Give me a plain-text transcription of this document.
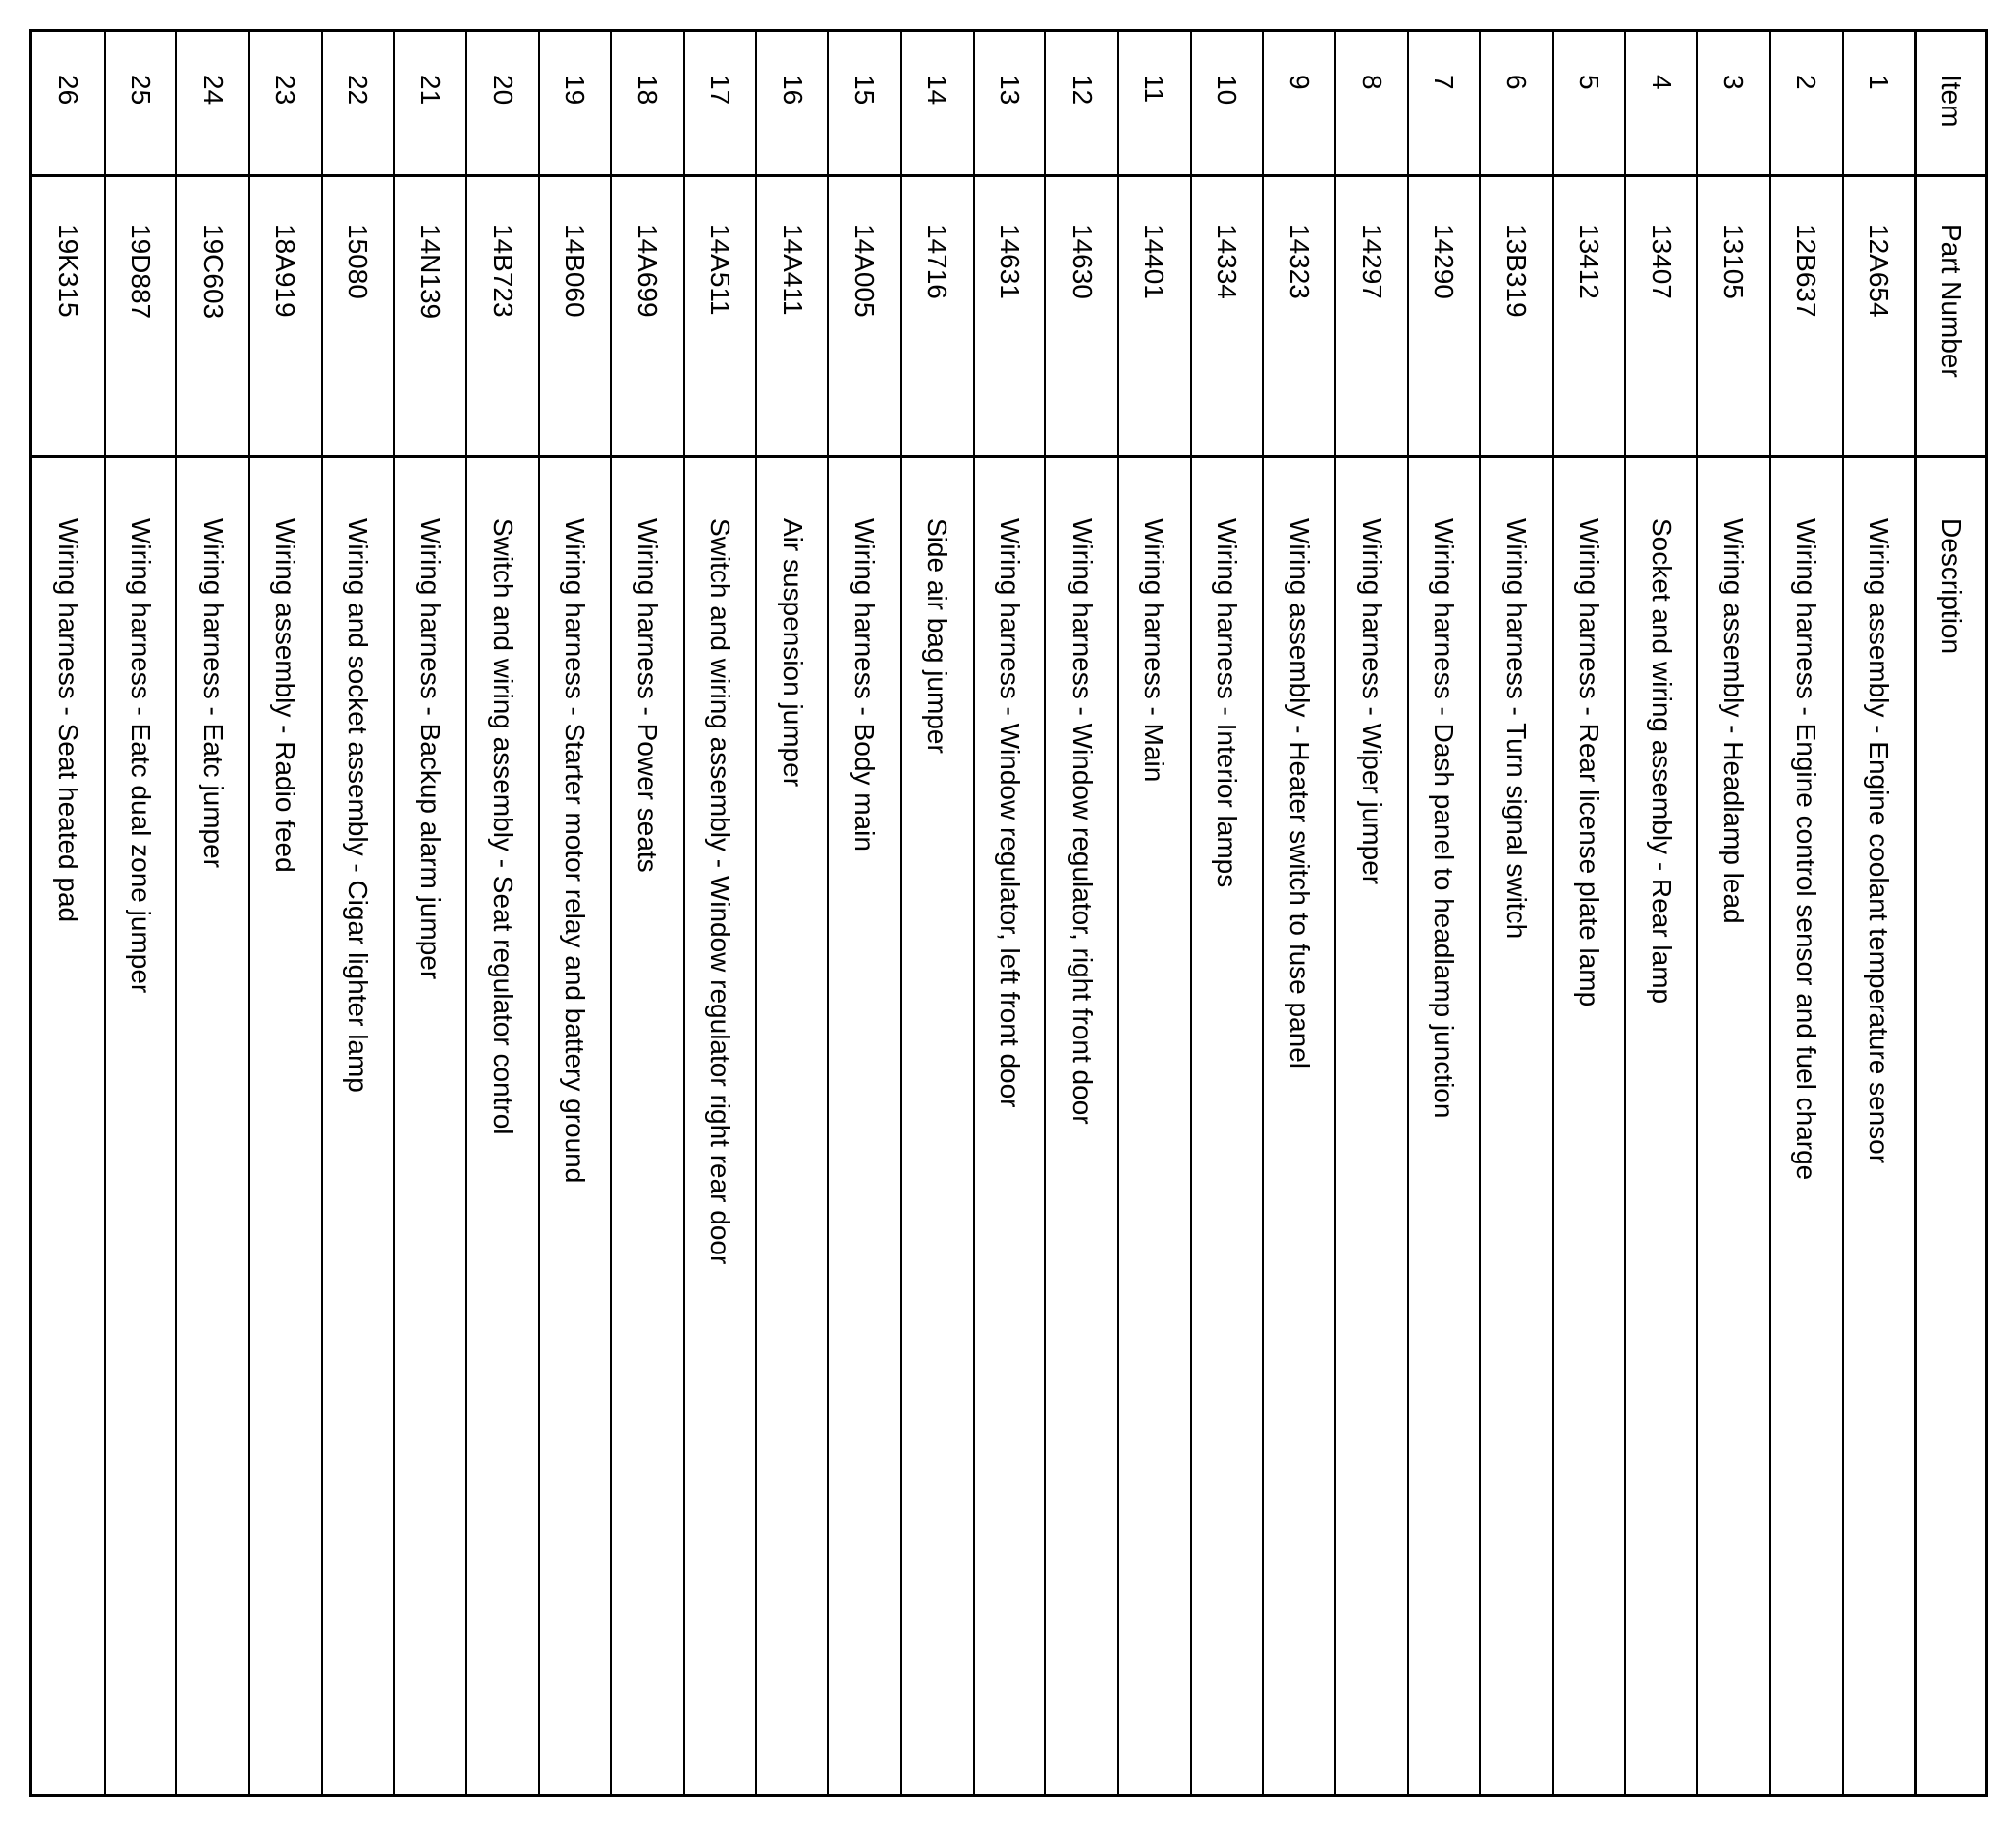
Item	Part Number	Description
1	12A654	Wiring assembly - Engine coolant temperature sensor
2	12B637	Wiring harness - Engine control sensor and fuel charge
3	13105	Wiring assembly - Headlamp lead
4	13407	Socket and wiring assembly - Rear lamp
5	13412	Wiring harness - Rear license plate lamp
6	13B319	Wiring harness - Turn signal switch
7	14290	Wiring harness - Dash panel to headlamp junction
8	14297	Wiring harness - Wiper jumper
9	14323	Wiring assembly - Heater switch to fuse panel
10	14334	Wiring harness - Interior lamps
11	14401	Wiring harness - Main
12	14630	Wiring harness - Window regulator, right front door
13	14631	Wiring harness - Window regulator, left front door
14	14716	Side air bag jumper
15	14A005	Wiring harness - Body main
16	14A411	Air suspension jumper
17	14A511	Switch and wiring assembly - Window regulator right rear door
18	14A699	Wiring harness - Power seats
19	14B060	Wiring harness - Starter motor relay and battery ground
20	14B723	Switch and wiring assembly - Seat regulator control
21	14N139	Wiring harness - Backup alarm jumper
22	15080	Wiring and socket assembly - Cigar lighter lamp
23	18A919	Wiring assembly - Radio feed
24	19C603	Wiring harness - Eatc jumper
25	19D887	Wiring harness - Eatc dual zone jumper
26	19K315	Wiring harness - Seat heated pad
